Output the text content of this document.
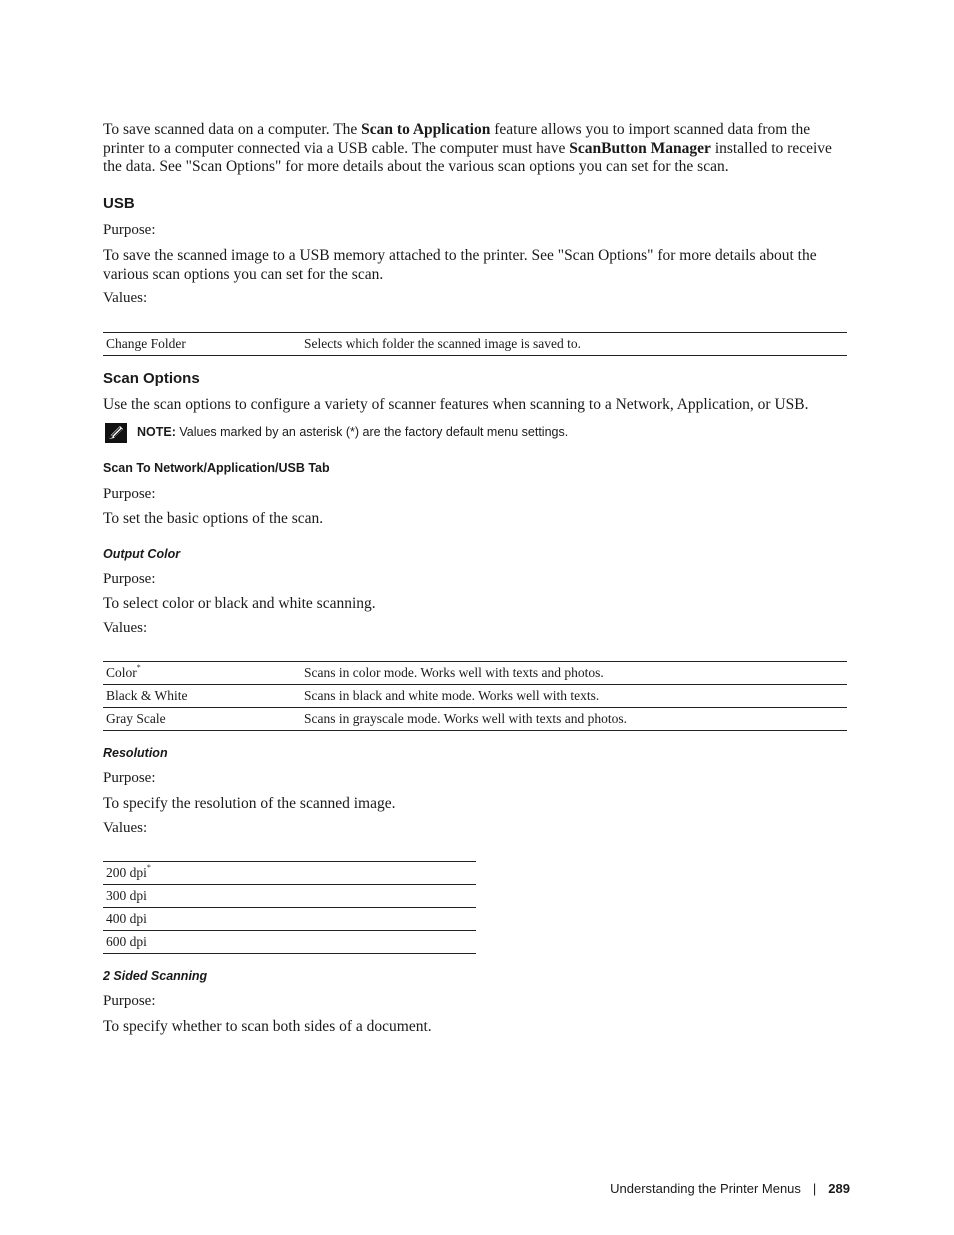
To save scanned data on a computer. The Scan to Application feature allows you to import scanned data from the printer to a computer connected via a USB cable. The computer must have ScanButton Manager installed to receive the data. See "Scan Options" for more details about the various scan options you can set for the scan.
USB
Purpose:
To save the scanned image to a USB memory attached to the printer. See "Scan Options" for more details about the various scan options you can set for the scan.
Values:
Change Folder	Selects which folder the scanned image is saved to.
Scan Options
Use the scan options to configure a variety of scanner features when scanning to a Network, Application, or USB.
NOTE: Values marked by an asterisk (*) are the factory default menu settings.
Scan To Network/Application/USB Tab
Purpose:
To set the basic options of the scan.
Output Color
Purpose:
To select color or black and white scanning.
Values:
Color*	Scans in color mode. Works well with texts and photos.
Black & White	Scans in black and white mode. Works well with texts.
Gray Scale	Scans in grayscale mode. Works well with texts and photos.
Resolution
Purpose:
To specify the resolution of the scanned image.
Values:
200 dpi*
300 dpi
400 dpi
600 dpi
2 Sided Scanning
Purpose:
To specify whether to scan both sides of a document.
Understanding the Printer Menus | 289
